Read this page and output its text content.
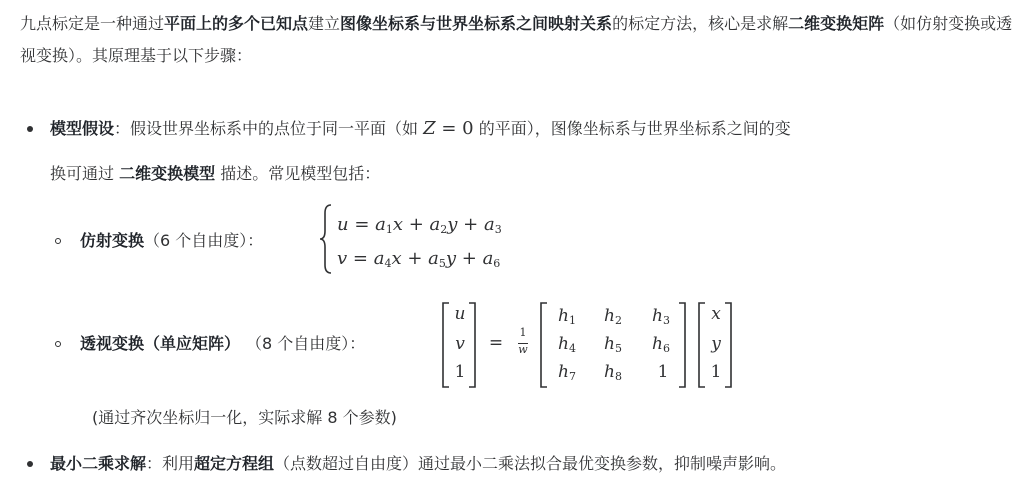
九点标定是一种通过平面上的多个已知点建立图像坐标系与世界坐标系之间映射关系的标定方法，核心是求解二维变换矩阵（如仿射变换或透视变换）。其原理基于以下步骤：
模型假设：假设世界坐标系中的点位于同一平面（如 Z = 0 的平面），图像坐标系与世界坐标系之间的变
换可通过 二维变换模型 描述。常见模型包括：
仿射变换（6 个自由度）：
$u = a_1x + a_2y + a_3$
$v = a_4x + a_5y + a_6$
透视变换（单应矩阵） （8 个自由度）：
u
v
1
=
1
w
$h_1$	$h_2$	$h_3$
$h_4$	$h_5$	$h_6$
$h_7$	$h_8$	1
x
y
1
(通过齐次坐标归一化，实际求解 8 个参数)
最小二乘求解：利用超定方程组（点数超过自由度）通过最小二乘法拟合最优变换参数，抑制噪声影响。
